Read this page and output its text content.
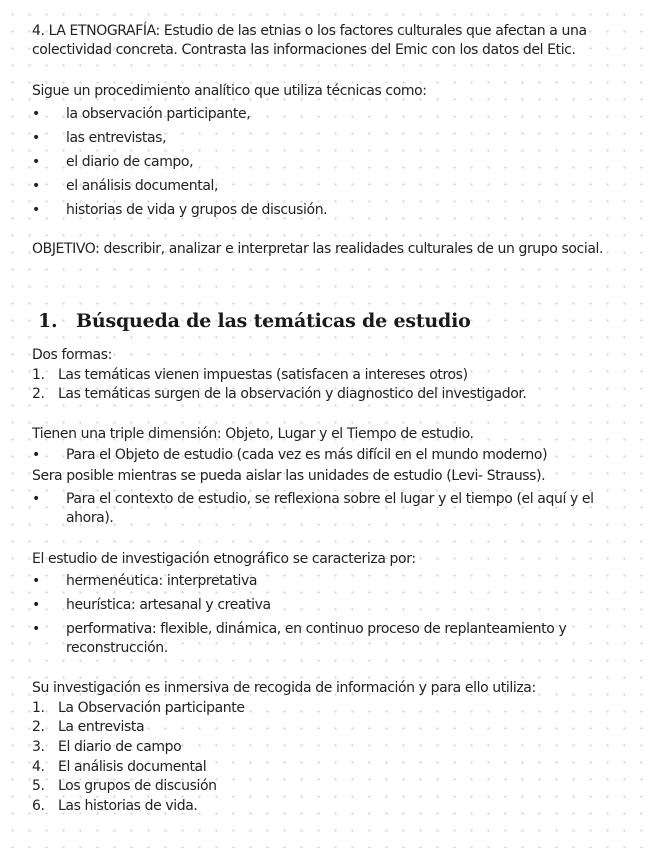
4. LA ETNOGRAFÍA: Estudio de las etnias o los factores culturales que afectan a una colectividad concreta. Contrasta las informaciones del Emic con los datos del Etic.
Sigue un procedimiento analítico que utiliza técnicas como:
• la observación participante,
• las entrevistas,
• el diario de campo,
• el análisis documental,
• historias de vida y grupos de discusión.
OBJETIVO: describir, analizar e interpretar las realidades culturales de un grupo social.
1. Búsqueda de las temáticas de estudio
Dos formas:
1. Las temáticas vienen impuestas (satisfacen a intereses otros)
2. Las temáticas surgen de la observación y diagnostico del investigador.
Tienen una triple dimensión: Objeto, Lugar y el Tiempo de estudio.
• Para el Objeto de estudio (cada vez es más difícil en el mundo moderno)
Sera posible mientras se pueda aislar las unidades de estudio (Levi- Strauss).
• Para el contexto de estudio, se reflexiona sobre el lugar y el tiempo (el aquí y el ahora).
El estudio de investigación etnográfico se caracteriza por:
• hermenéutica: interpretativa
• heurística: artesanal y creativa
• performativa: flexible, dinámica, en continuo proceso de replanteamiento y reconstrucción.
Su investigación es inmersiva de recogida de información y para ello utiliza:
1. La Observación participante
2. La entrevista
3. El diario de campo
4. El análisis documental
5. Los grupos de discusión
6. Las historias de vida.
